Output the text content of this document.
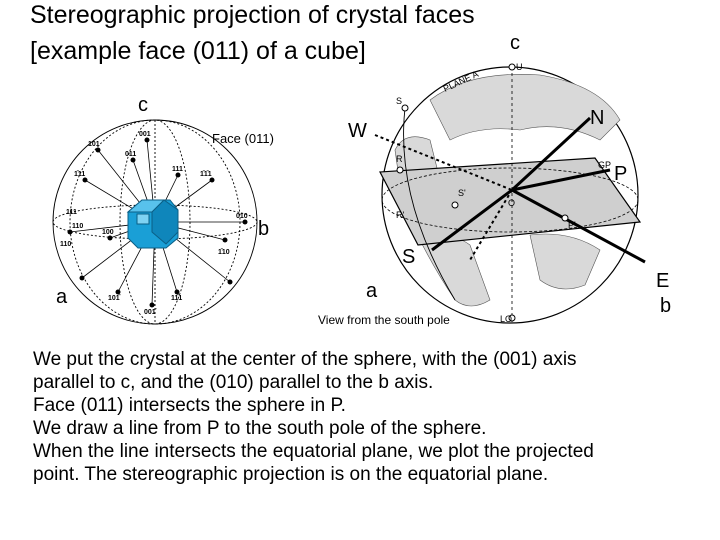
Stereographic projection of crystal faces
[example face (011) of a cube]
001
101
011
111
1̄11
110
100
010
1̄10
101̄	11̄1
001̄
1̄1̄1
110
111
c
Face (011)
b
a
U
S
PLANE A
R
GP
O
S'
R'
P'
LO
c
N
W
P
S
E
b
a
View from the south pole
We put the crystal at the center of the sphere, with the (001) axis
parallel to c, and the (010) parallel to the b axis.
Face (011) intersects the sphere in P.
We draw a line from P to the south pole of the sphere.
When the line intersects the equatorial plane, we plot the projected
point. The stereographic projection is on the equatorial plane.
